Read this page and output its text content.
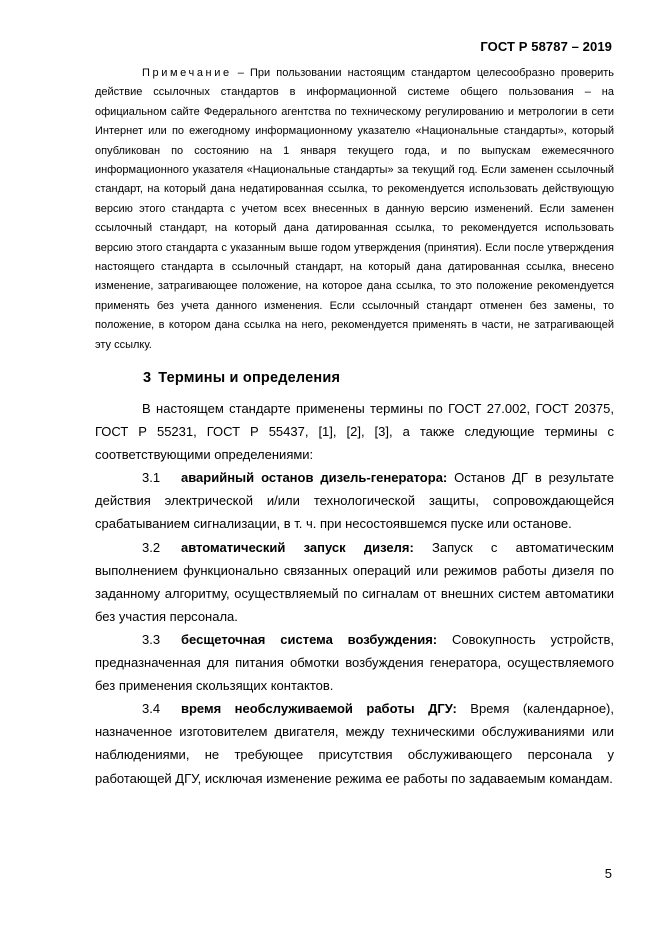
ГОСТ Р 58787 – 2019

Примечание – При пользовании настоящим стандартом целесообразно проверить действие ссылочных стандартов в информационной системе общего пользования – на официальном сайте Федерального агентства по техническому регулированию и метрологии в сети Интернет или по ежегодному информационному указателю «Национальные стандарты», который опубликован по состоянию на 1 января текущего года, и по выпускам ежемесячного информационного указателя «Национальные стандарты» за текущий год. Если заменен ссылочный стандарт, на который дана недатированная ссылка, то рекомендуется использовать действующую версию этого стандарта с учетом всех внесенных в данную версию изменений. Если заменен ссылочный стандарт, на который дана датированная ссылка, то рекомендуется использовать версию этого стандарта с указанным выше годом утверждения (принятия). Если после утверждения настоящего стандарта в ссылочный стандарт, на который дана датированная ссылка, внесено изменение, затрагивающее положение, на которое дана ссылка, то это положение рекомендуется применять без учета данного изменения. Если ссылочный стандарт отменен без замены, то положение, в котором дана ссылка на него, рекомендуется применять в части, не затрагивающей эту ссылку.

3 Термины и определения

В настоящем стандарте применены термины по ГОСТ 27.002, ГОСТ 20375, ГОСТ Р 55231, ГОСТ Р 55437, [1], [2], [3], а также следующие термины с соответствующими определениями:

3.1 аварийный останов дизель-генератора: Останов ДГ в результате действия электрической и/или технологической защиты, сопровождающейся срабатыванием сигнализации, в т. ч. при несостоявшемся пуске или останове.

3.2 автоматический запуск дизеля: Запуск с автоматическим выполнением функционально связанных операций или режимов работы дизеля по заданному алгоритму, осуществляемый по сигналам от внешних систем автоматики без участия персонала.

3.3 бесщеточная система возбуждения: Совокупность устройств, предназначенная для питания обмотки возбуждения генератора, осуществляемого без применения скользящих контактов.

3.4 время необслуживаемой работы ДГУ: Время (календарное), назначенное изготовителем двигателя, между техническими обслуживаниями или наблюдениями, не требующее присутствия обслуживающего персонала у работающей ДГУ, исключая изменение режима ее работы по задаваемым командам.

5
